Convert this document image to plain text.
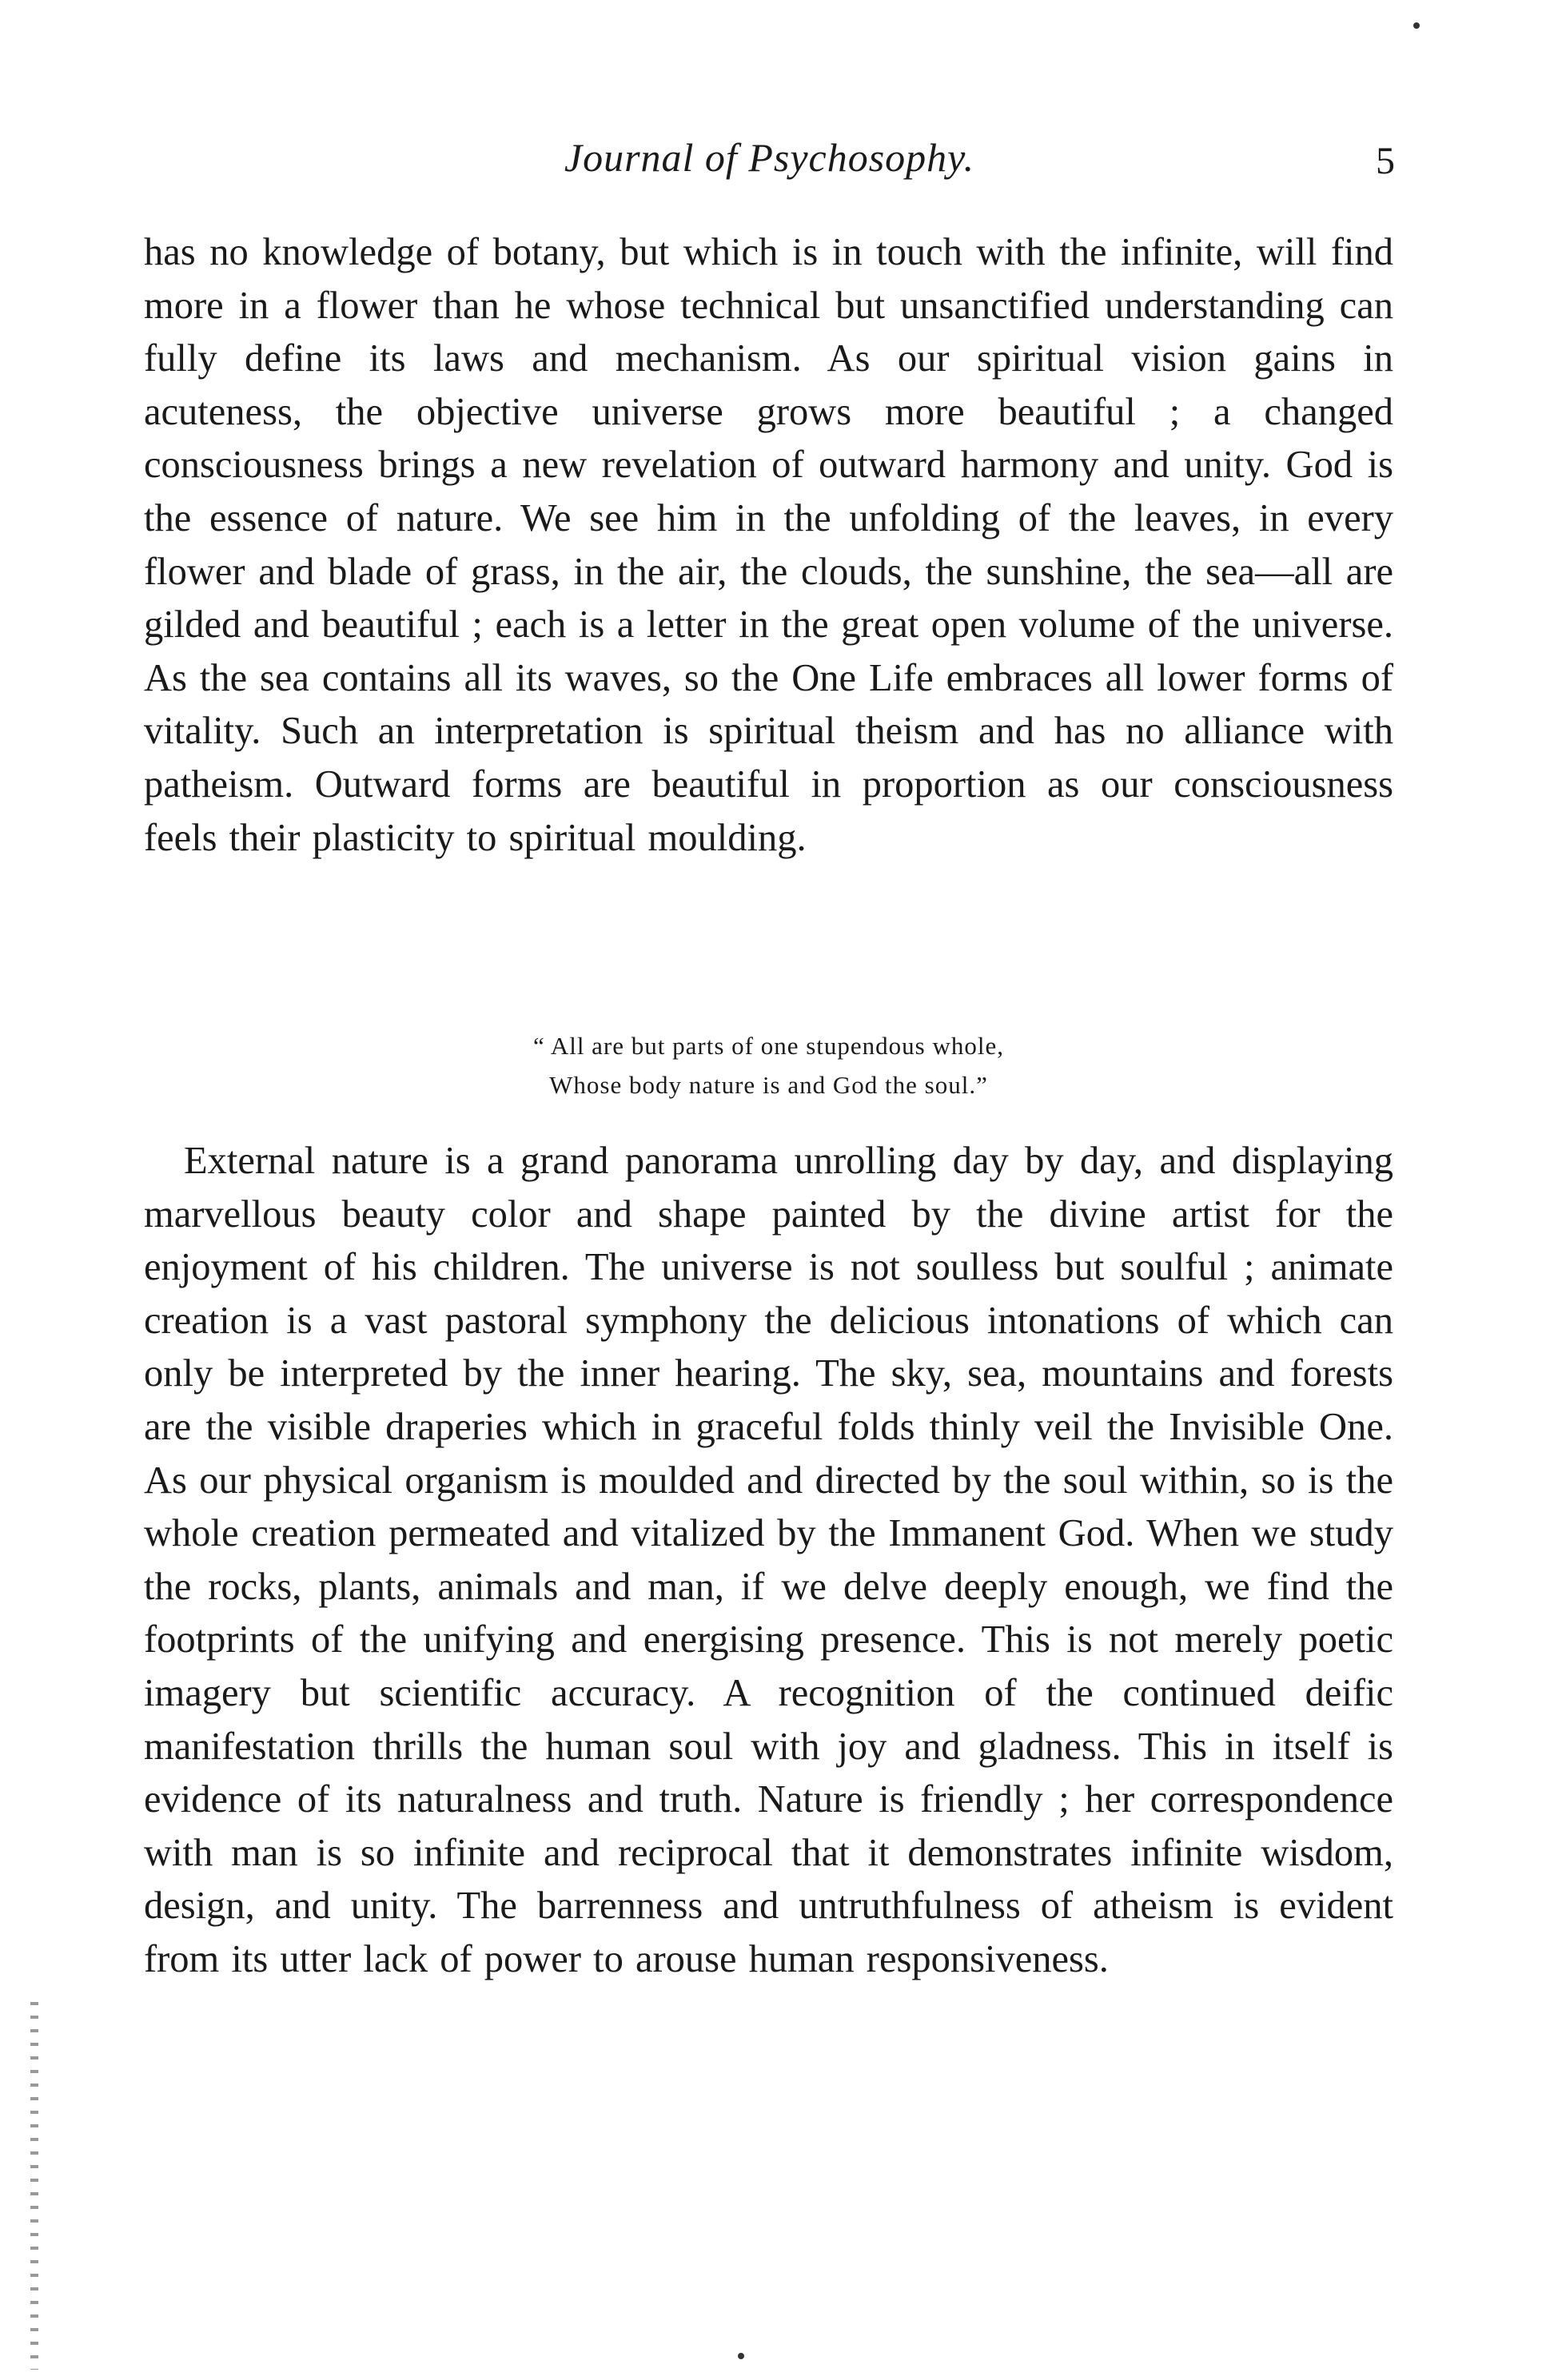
Journal of Psychosophy.	5

has no knowledge of botany, but which is in touch with the infinite, will find more in a flower than he whose technical but unsanctified understanding can fully define its laws and mechanism. As our spiritual vision gains in acuteness, the objective universe grows more beautiful ; a changed consciousness brings a new revelation of outward harmony and unity. God is the essence of nature. We see him in the unfolding of the leaves, in every flower and blade of grass, in the air, the clouds, the sunshine, the sea—all are gilded and beautiful ; each is a letter in the great open volume of the universe. As the sea contains all its waves, so the One Life embraces all lower forms of vitality. Such an interpretation is spiritual theism and has no alliance with patheism. Outward forms are beautiful in proportion as our consciousness feels their plasticity to spiritual moulding.

“ All are but parts of one stupendous whole,
Whose body nature is and God the soul.”

External nature is a grand panorama unrolling day by day, and displaying marvellous beauty color and shape painted by the divine artist for the enjoyment of his children. The universe is not soulless but soulful ; animate creation is a vast pastoral symphony the delicious intonations of which can only be interpreted by the inner hearing. The sky, sea, mountains and forests are the visible draperies which in graceful folds thinly veil the Invisible One. As our physical organism is moulded and directed by the soul within, so is the whole creation permeated and vitalized by the Immanent God. When we study the rocks, plants, animals and man, if we delve deeply enough, we find the footprints of the unifying and energising presence. This is not merely poetic imagery but scientific accuracy. A recognition of the continued deific manifestation thrills the human soul with joy and gladness. This in itself is evidence of its naturalness and truth. Nature is friendly ; her correspondence with man is so infinite and reciprocal that it demonstrates infinite wisdom, design, and unity. The barrenness and untruthfulness of atheism is evident from its utter lack of power to arouse human responsiveness.
